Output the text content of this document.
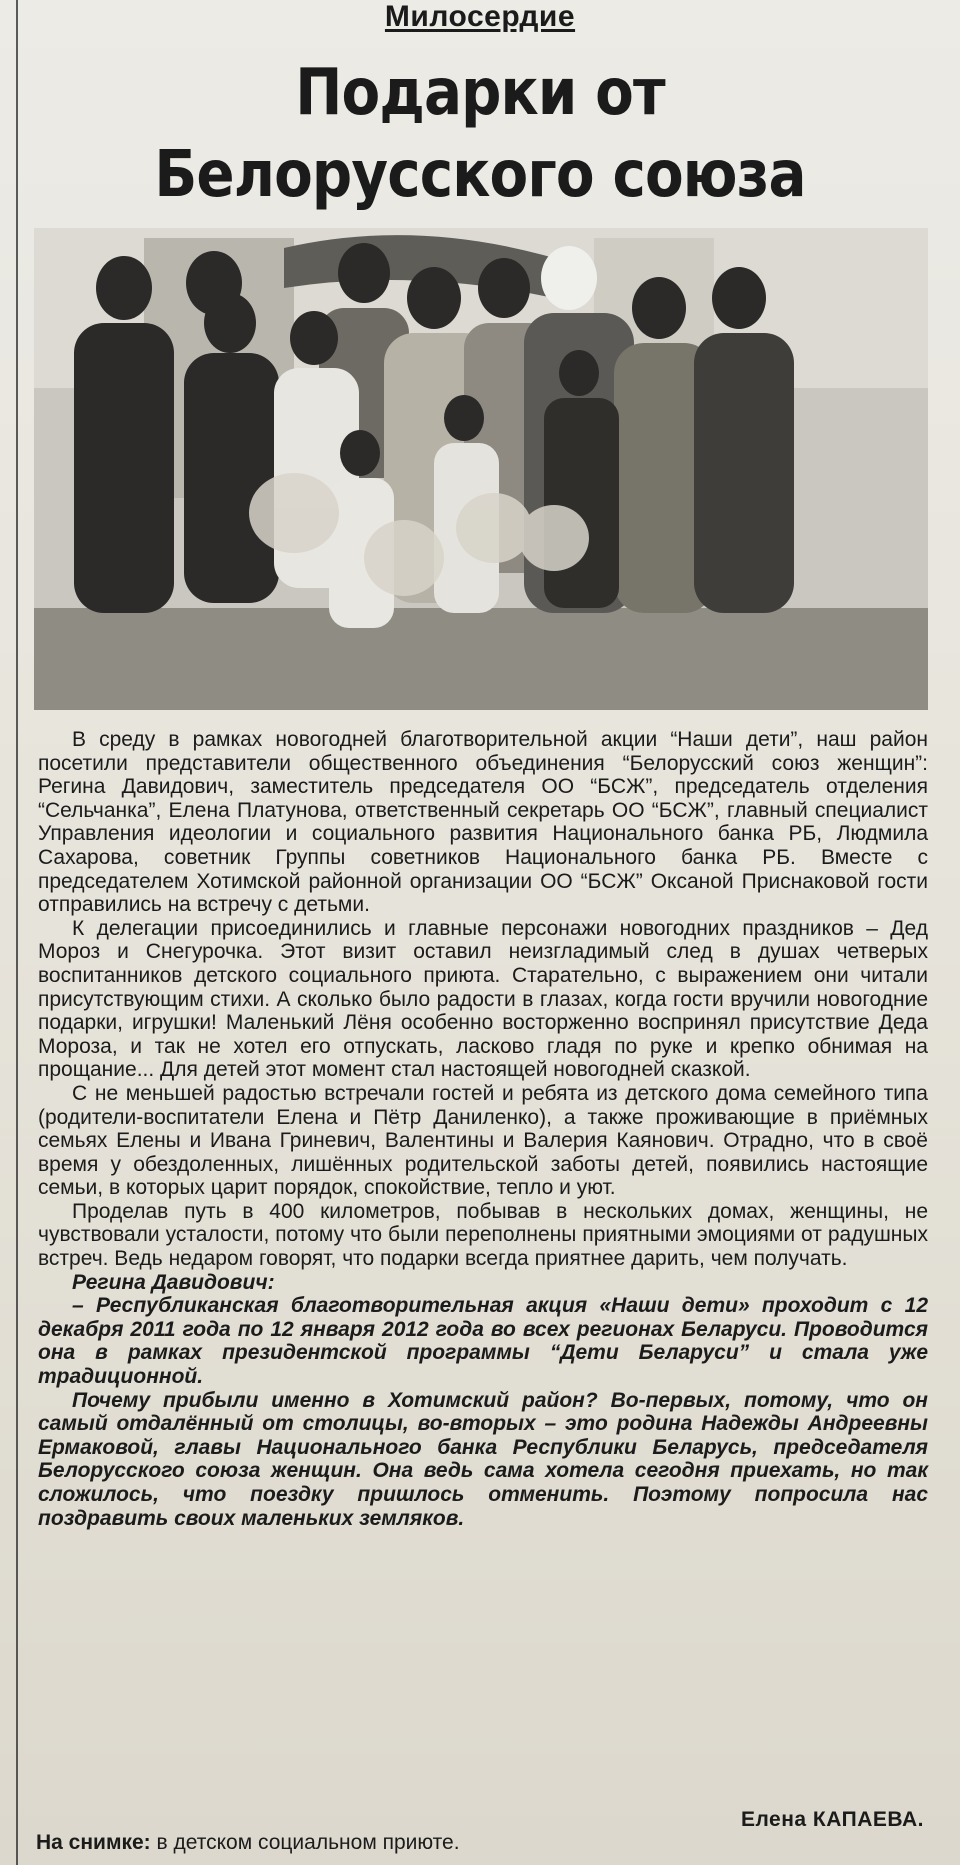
Милосердие
Подарки от Белорусского союза

В среду в рамках новогодней благотворительной акции “Наши дети”, наш район посетили представители общественного объединения “Белорусский союз женщин”: Регина Давидович, заместитель председателя ОО “БСЖ”, председатель отделения “Сельчанка”, Елена Платунова, ответственный секретарь ОО “БСЖ”, главный специалист Управления идеологии и социального развития Национального банка РБ, Людмила Сахарова, советник Группы советников Национального банка РБ. Вместе с председателем Хотимской районной организации ОО “БСЖ” Оксаной Приснаковой гости отправились на встречу с детьми.

К делегации присоединились и главные персонажи новогодних праздников – Дед Мороз и Снегурочка. Этот визит оставил неизгладимый след в душах четверых воспитанников детского социального приюта. Старательно, с выражением они читали присутствующим стихи. А сколько было радости в глазах, когда гости вручили новогодние подарки, игрушки! Маленький Лёня особенно восторженно воспринял присутствие Деда Мороза, и так не хотел его отпускать, ласково гладя по руке и крепко обнимая на прощание... Для детей этот момент стал настоящей новогодней сказкой.

С не меньшей радостью встречали гостей и ребята из детского дома семейного типа (родители-воспитатели Елена и Пётр Даниленко), а также проживающие в приёмных семьях Елены и Ивана Гриневич, Валентины и Валерия Каянович. Отрадно, что в своё время у обездоленных, лишённых родительской заботы детей, появились настоящие семьи, в которых царит порядок, спокойствие, тепло и уют.

Проделав путь в 400 километров, побывав в нескольких домах, женщины, не чувствовали усталости, потому что были переполнены приятными эмоциями от радушных встреч. Ведь недаром говорят, что подарки всегда приятнее дарить, чем получать.

Регина Давидович:

– Республиканская благотворительная акция «Наши дети» проходит с 12 декабря 2011 года по 12 января 2012 года во всех регионах Беларуси. Проводится она в рамках президентской программы “Дети Беларуси” и стала уже традиционной.

Почему прибыли именно в Хотимский район? Во-первых, потому, что он самый отдалённый от столицы, во-вторых – это родина Надежды Андреевны Ермаковой, главы Национального банка Республики Беларусь, председателя Белорусского союза женщин. Она ведь сама хотела сегодня приехать, но так сложилось, что поездку пришлось отменить. Поэтому попросила нас поздравить своих маленьких земляков.

Елена КАПАЕВА.
На снимке: в детском социальном приюте.
